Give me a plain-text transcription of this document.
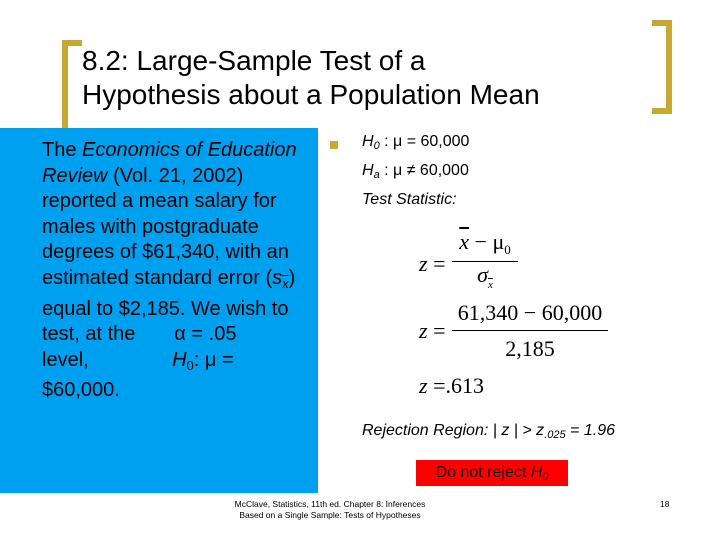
8.2: Large-Sample Test of a
Hypothesis about a Population Mean
The Economics of Education Review (Vol. 21, 2002) reported a mean salary for males with postgraduate degrees of $61,340, with an estimated standard error $(s_{\overline{x}})$ equal to $2,185. We wish to test, at the α = .05 level,	$H_0$: μ = $60,000.
H0 : μ = 60,000
Ha : μ ≠ 60,000
Test Statistic:
z =
$\overline{x} - \mu_0$
$\sigma_{\overline{x}}$
z =
61,340 − 60,000
2,185
z =.613
Rejection Region: | z | > z.025 = 1.96
Do not reject H0
McClave, Statistics, 11th ed. Chapter 8: Inferences
Based on a Single Sample: Tests of Hypotheses
18
